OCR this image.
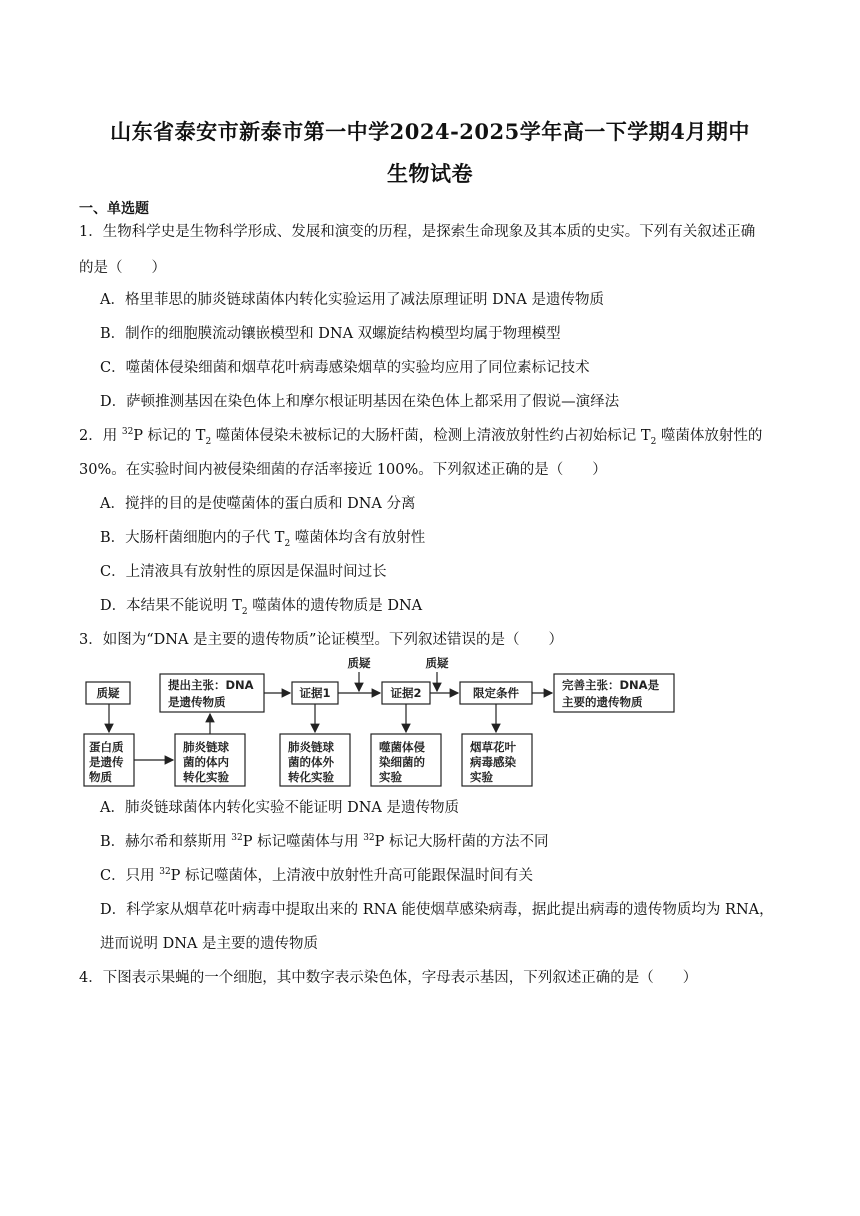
山东省泰安市新泰市第一中学2024-2025学年高一下学期4月期中
生物试卷
一、单选题
1．生物科学史是生物科学形成、发展和演变的历程，是探索生命现象及其本质的史实。下列有关叙述正确
的是（　　）
A．格里菲思的肺炎链球菌体内转化实验运用了减法原理证明 DNA 是遗传物质
B．制作的细胞膜流动镶嵌模型和 DNA 双螺旋结构模型均属于物理模型
C．噬菌体侵染细菌和烟草花叶病毒感染烟草的实验均应用了同位素标记技术
D．萨顿推测基因在染色体上和摩尔根证明基因在染色体上都采用了假说—演绎法
2．用 $^{32}$P 标记的 $T_2$ 噬菌体侵染未被标记的大肠杆菌，检测上清液放射性约占初始标记 $T_2$ 噬菌体放射性的
30%。在实验时间内被侵染细菌的存活率接近 100%。下列叙述正确的是（　　）
A．搅拌的目的是使噬菌体的蛋白质和 DNA 分离
B．大肠杆菌细胞内的子代 $T_2$ 噬菌体均含有放射性
C．上清液具有放射性的原因是保温时间过长
D．本结果不能说明 $T_2$ 噬菌体的遗传物质是 DNA
3．如图为“DNA 是主要的遗传物质”论证模型。下列叙述错误的是（　　）
质疑
提出主张：DNA
是遗传物质
证据1
质疑
证据2
质疑
限定条件
完善主张：DNA是
主要的遗传物质
蛋白质
是遗传
物质
肺炎链球
菌的体内
转化实验
肺炎链球
菌的体外
转化实验
噬菌体侵
染细菌的
实验
烟草花叶
病毒感染
实验
A．肺炎链球菌体内转化实验不能证明 DNA 是遗传物质
B．赫尔希和蔡斯用 $^{32}$P 标记噬菌体与用 $^{32}$P 标记大肠杆菌的方法不同
C．只用 $^{32}$P 标记噬菌体，上清液中放射性升高可能跟保温时间有关
D．科学家从烟草花叶病毒中提取出来的 RNA 能使烟草感染病毒，据此提出病毒的遗传物质均为 RNA，
进而说明 DNA 是主要的遗传物质
4．下图表示果蝇的一个细胞，其中数字表示染色体，字母表示基因，下列叙述正确的是（　　）
